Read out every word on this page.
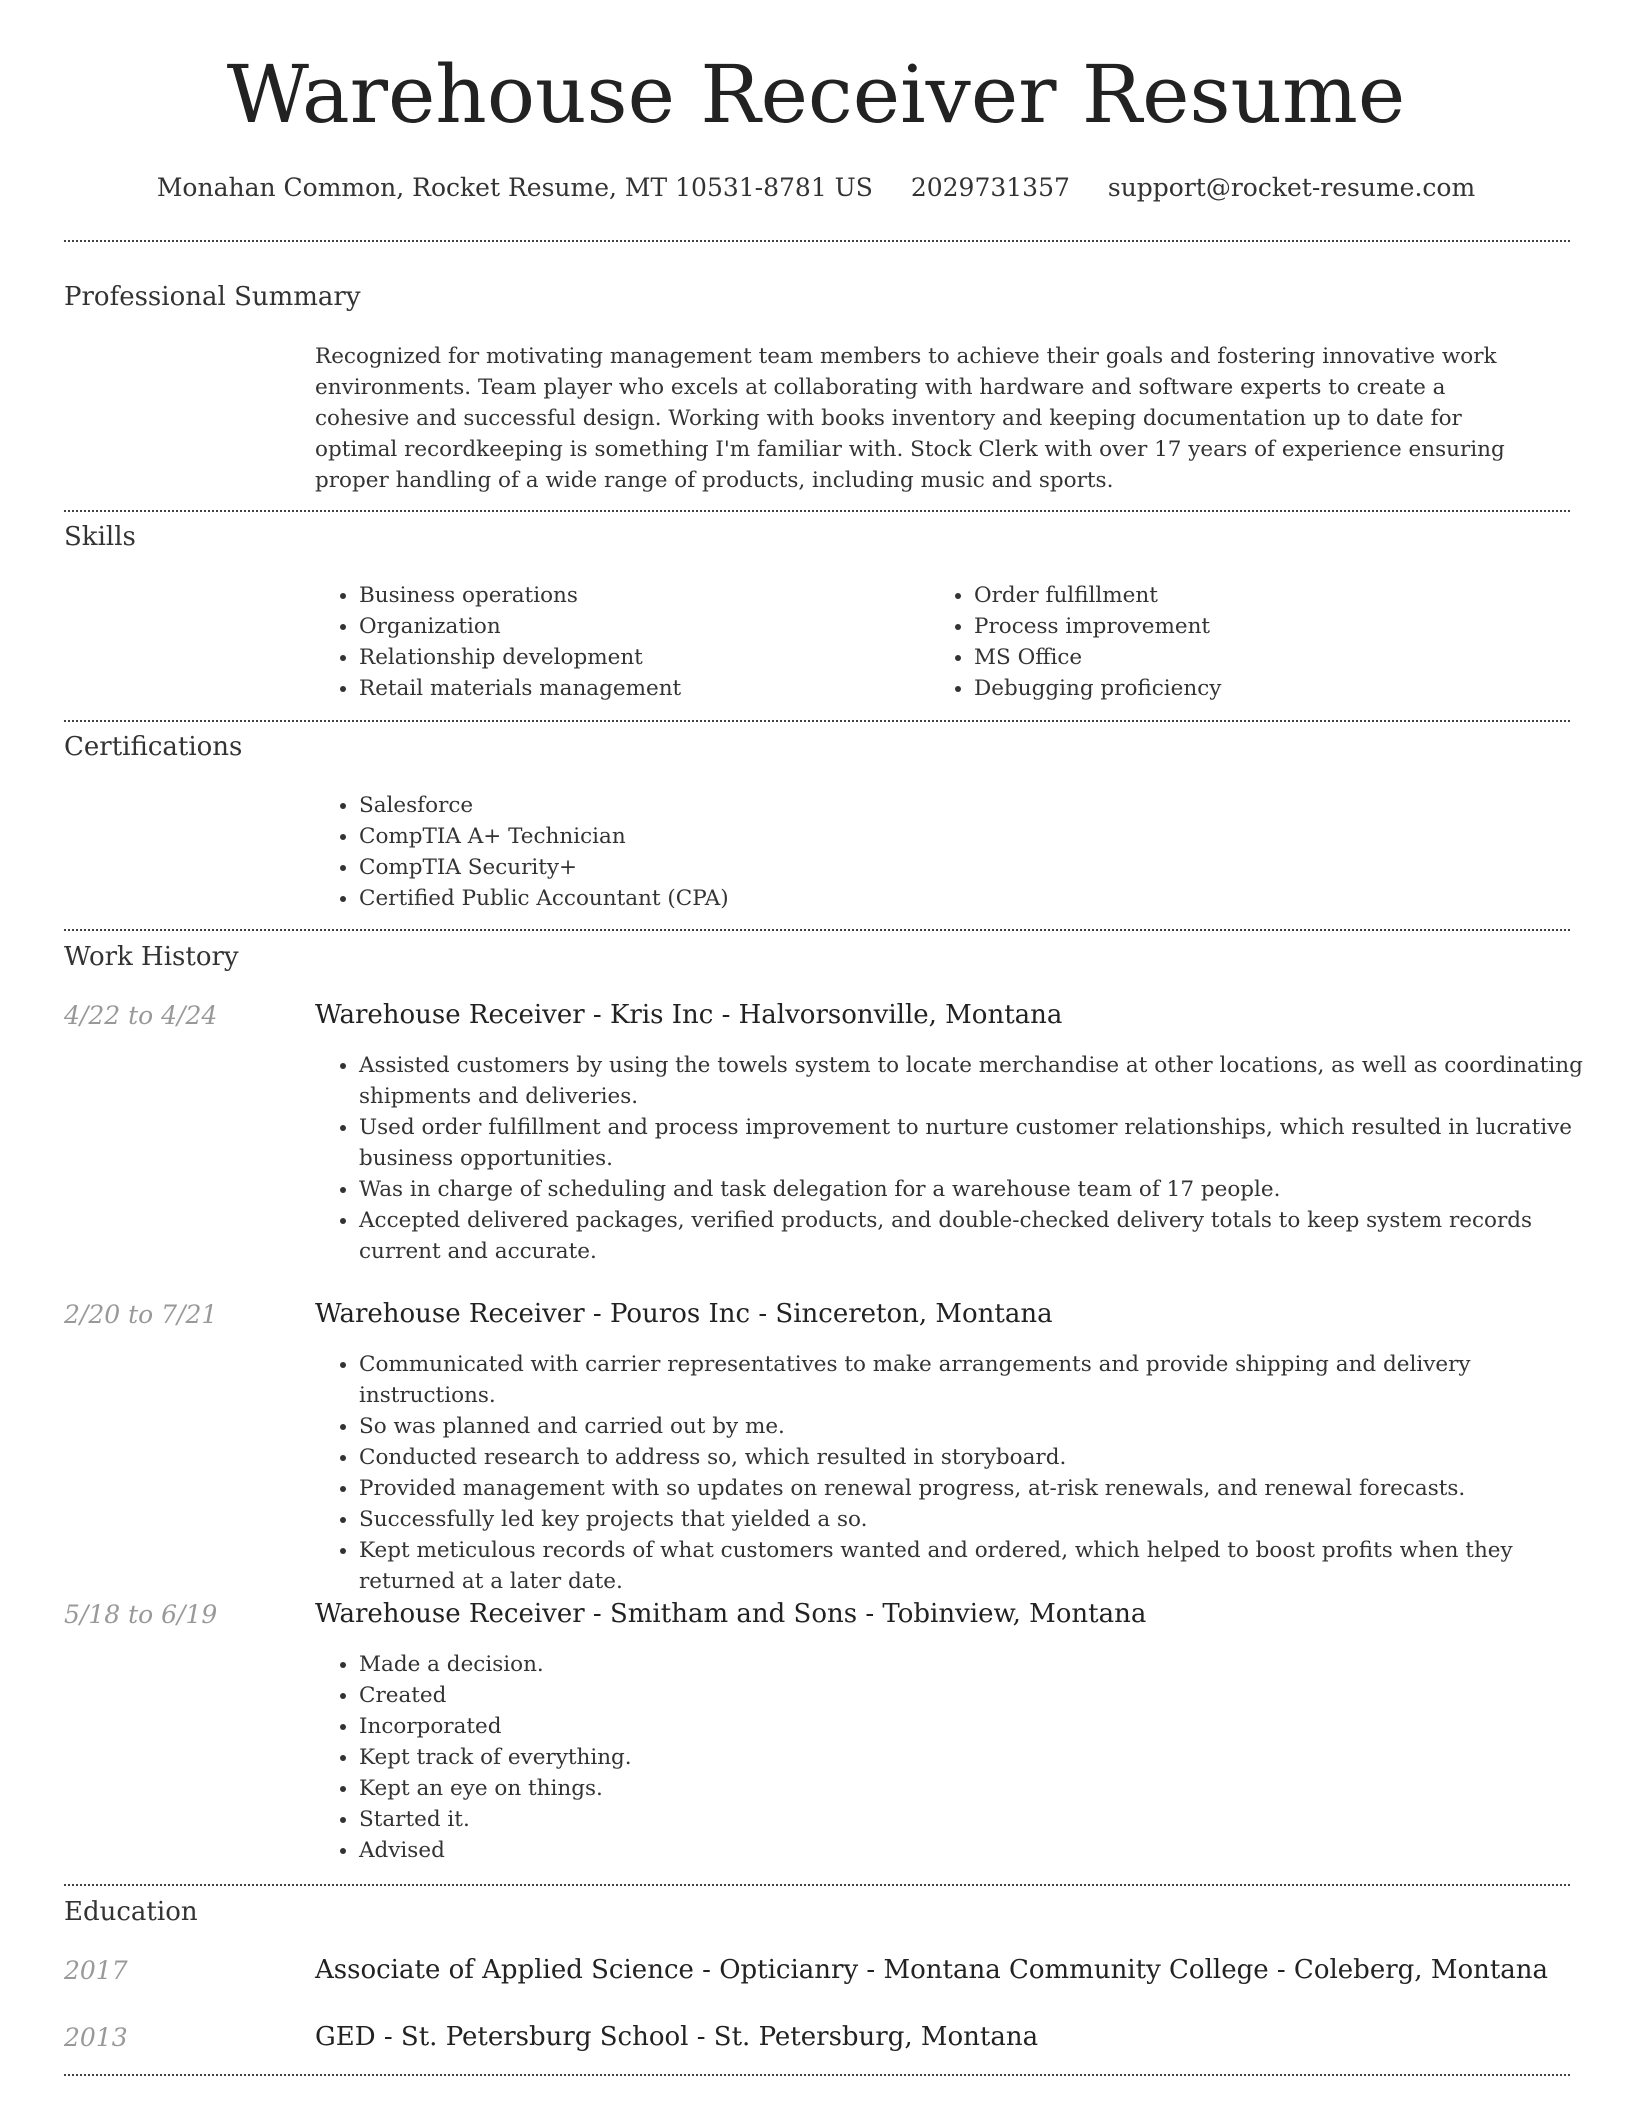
Warehouse Receiver Resume
Monahan Common, Rocket Resume, MT 10531-8781 US 2029731357 support@rocket-resume.com
Professional Summary

Recognized for motivating management team members to achieve their goals and fostering innovative work environments. Team player who excels at collaborating with hardware and software experts to create a cohesive and successful design. Working with books inventory and keeping documentation up to date for optimal recordkeeping is something I'm familiar with. Stock Clerk with over 17 years of experience ensuring proper handling of a wide range of products, including music and sports.

Skills
• Business operations
• Organization
• Relationship development
• Retail materials management
• Order fulfillment
• Process improvement
• MS Office
• Debugging proficiency
Certifications
• Salesforce
• CompTIA A+ Technician
• CompTIA Security+
• Certified Public Accountant (CPA)
Work History
4/22 to 4/24	Warehouse Receiver - Kris Inc - Halvorsonville, Montana
• Assisted customers by using the towels system to locate merchandise at other locations, as well as coordinating shipments and deliveries.
• Used order fulfillment and process improvement to nurture customer relationships, which resulted in lucrative business opportunities.
• Was in charge of scheduling and task delegation for a warehouse team of 17 people.
• Accepted delivered packages, verified products, and double-checked delivery totals to keep system records current and accurate.
2/20 to 7/21	Warehouse Receiver - Pouros Inc - Sincereton, Montana
• Communicated with carrier representatives to make arrangements and provide shipping and delivery instructions.
• So was planned and carried out by me.
• Conducted research to address so, which resulted in storyboard.
• Provided management with so updates on renewal progress, at-risk renewals, and renewal forecasts.
• Successfully led key projects that yielded a so.
• Kept meticulous records of what customers wanted and ordered, which helped to boost profits when they returned at a later date.
5/18 to 6/19	Warehouse Receiver - Smitham and Sons - Tobinview, Montana
• Made a decision.
• Created
• Incorporated
• Kept track of everything.
• Kept an eye on things.
• Started it.
• Advised
Education
2017	Associate of Applied Science - Opticianry - Montana Community College - Coleberg, Montana
2013	GED - St. Petersburg School - St. Petersburg, Montana
